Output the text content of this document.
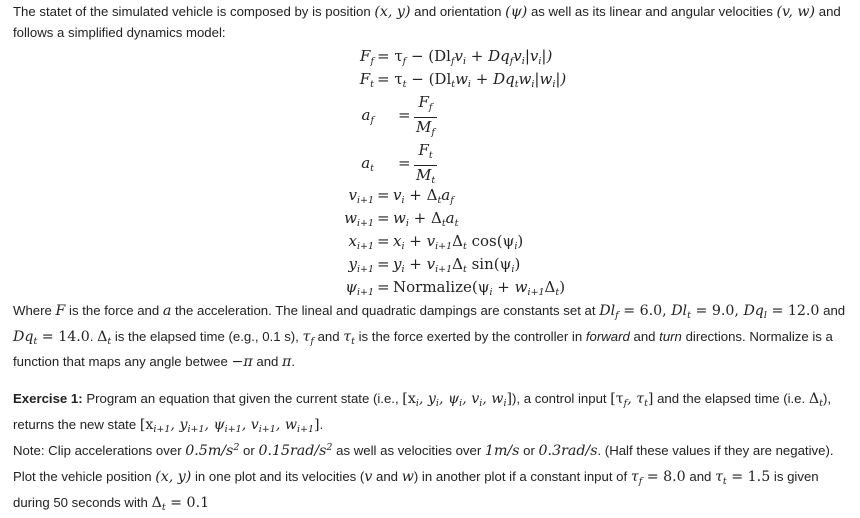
The statet of the simulated vehicle is composed by is position (x, y) and orientation (ψ) as well as its linear and angular velocities (v, w) and follows a simplified dynamics model:

$F_f = \tau_f - (Dl_fv_i + Dq_fv_i|v_i|)$
$F_t = \tau_t - (Dl_tw_i + Dq_tw_i|w_i|)$
$a_f$ =
$F_f$
$M_f$
$a_t$ =
$F_t$
$M_t$
$v_{i+1} = v_i + \Delta_ta_f$
$w_{i+1} = w_i + \Delta_ta_t$
$x_{i+1} = x_i + v_{i+1}\Delta_t$ $\cos(\psi_i)$
$y_{i+1} = y_i + v_{i+1}\Delta_t$ $\sin(\psi_i)$
$\psi_{i+1}$ = $Normalize(\psi_i + w_{i+1}\Delta_t)$

Where F is the force and a the acceleration. The lineal and quadratic dampings are constants set at $Dl_f = 6.0$, $Dl_t = 9.0$, $Dq_l = 12.0$ and $Dq_t = 14.0$. $\Delta_t$ is the elapsed time (e.g., 0.1 s), $\tau_f$ and $\tau_t$ is the force exerted by the controller in forward and turn directions. Normalize is a function that maps any angle betwee −π and π.

Exercise 1: Program an equation that given the current state (i.e., [$x_i$, $y_i$, $\psi_i$, $v_i$, $w_i$]), a control input [$\tau_f$, $\tau_t$] and the elapsed time (i.e. $\Delta_t$), returns the new state [$x_{i+1}$, $y_{i+1}$, $\psi_{i+1}$, $v_{i+1}$, $w_{i+1}$].

Note: Clip accelerations over $0.5m/s^2$ or $0.15rad/s^2$ as well as velocities over 1m/s or 0.3rad/s. (Half these values if they are negative).

Plot the vehicle position (x, y) in one plot and its velocities (v and w) in another plot if a constant input of $\tau_f = 8.0$ and $\tau_t = 1.5$ is given during 50 seconds with $\Delta_t = 0.1$
